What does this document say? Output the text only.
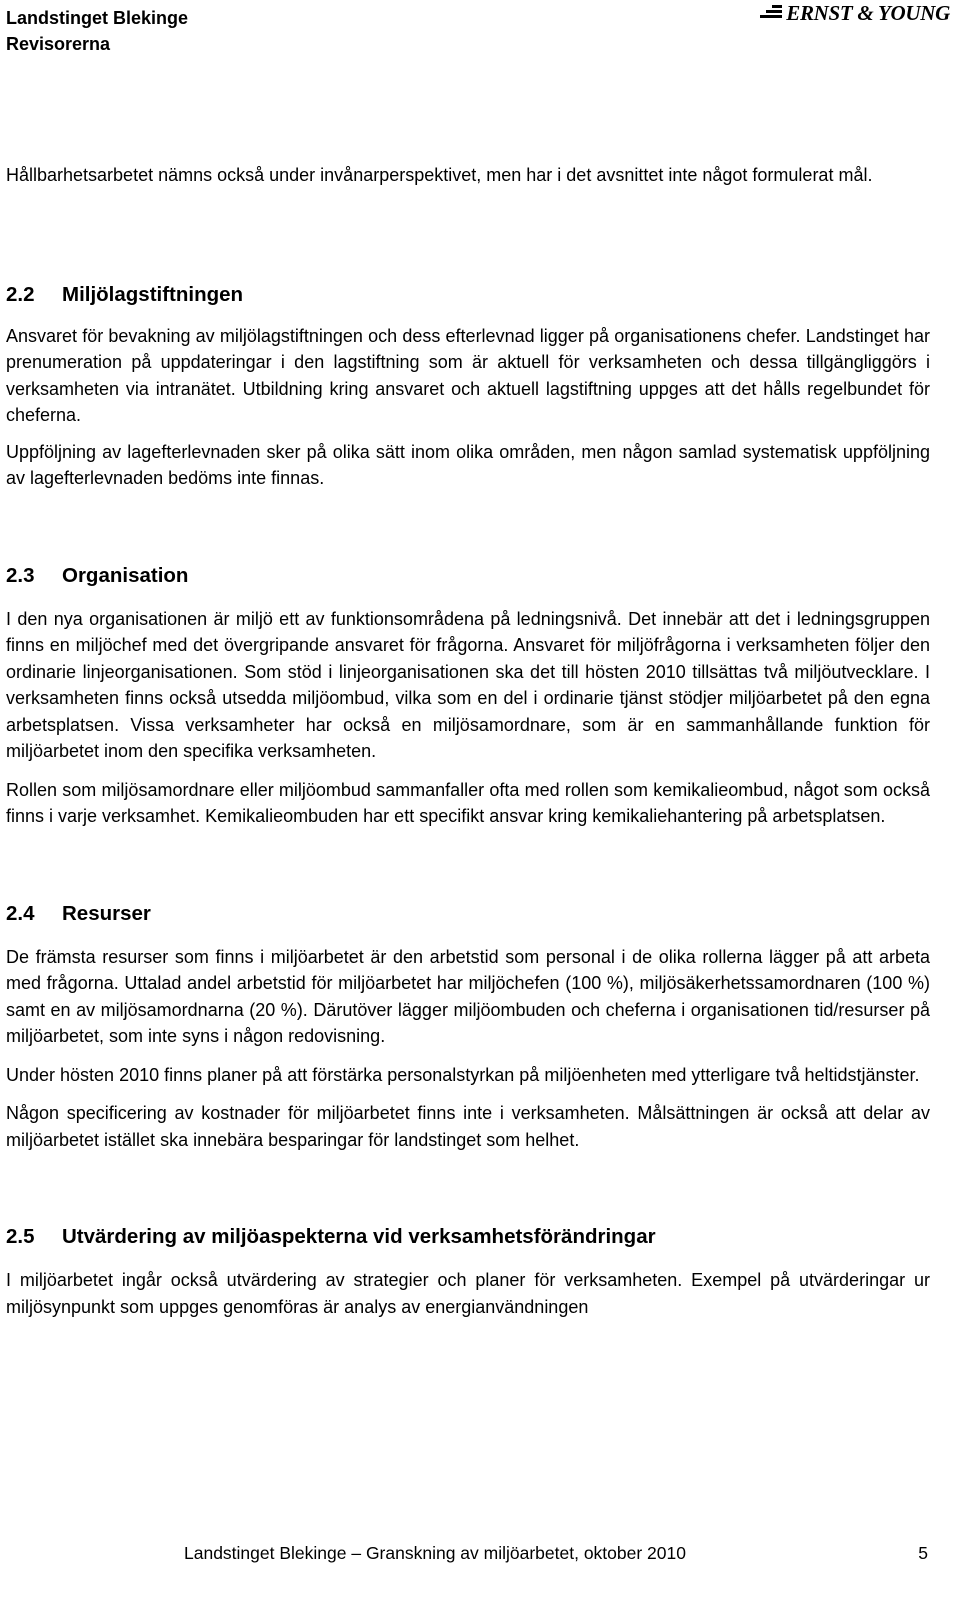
Landstinget Blekinge
Revisorerna
ERNST & YOUNG

Hållbarhetsarbetet nämns också under invånarperspektivet, men har i det avsnittet inte något formulerat mål.

2.2 Miljölagstiftningen

Ansvaret för bevakning av miljölagstiftningen och dess efterlevnad ligger på organisationens chefer. Landstinget har prenumeration på uppdateringar i den lagstiftning som är aktuell för verksamheten och dessa tillgängliggörs i verksamheten via intranätet. Utbildning kring ansvaret och aktuell lagstiftning uppges att det hålls regelbundet för cheferna.

Uppföljning av lagefterlevnaden sker på olika sätt inom olika områden, men någon samlad systematisk uppföljning av lagefterlevnaden bedöms inte finnas.

2.3 Organisation

I den nya organisationen är miljö ett av funktionsområdena på ledningsnivå. Det innebär att det i ledningsgruppen finns en miljöchef med det övergripande ansvaret för frågorna. Ansvaret för miljöfrågorna i verksamheten följer den ordinarie linjeorganisationen. Som stöd i linjeorganisationen ska det till hösten 2010 tillsättas två miljöutvecklare. I verksamheten finns också utsedda miljöombud, vilka som en del i ordinarie tjänst stödjer miljöarbetet på den egna arbetsplatsen. Vissa verksamheter har också en miljösamordnare, som är en sammanhållande funktion för miljöarbetet inom den specifika verksamheten.

Rollen som miljösamordnare eller miljöombud sammanfaller ofta med rollen som kemikalieombud, något som också finns i varje verksamhet. Kemikalieombuden har ett specifikt ansvar kring kemikaliehantering på arbetsplatsen.

2.4 Resurser

De främsta resurser som finns i miljöarbetet är den arbetstid som personal i de olika rollerna lägger på att arbeta med frågorna. Uttalad andel arbetstid för miljöarbetet har miljöchefen (100 %), miljösäkerhetssamordnaren (100 %) samt en av miljösamordnarna (20 %). Därutöver lägger miljöombuden och cheferna i organisationen tid/resurser på miljöarbetet, som inte syns i någon redovisning.

Under hösten 2010 finns planer på att förstärka personalstyrkan på miljöenheten med ytterligare två heltidstjänster.

Någon specificering av kostnader för miljöarbetet finns inte i verksamheten. Målsättningen är också att delar av miljöarbetet istället ska innebära besparingar för landstinget som helhet.

2.5 Utvärdering av miljöaspekterna vid verksamhetsförändringar

I miljöarbetet ingår också utvärdering av strategier och planer för verksamheten. Exempel på utvärderingar ur miljösynpunkt som uppges genomföras är analys av energianvändningen

Landstinget Blekinge – Granskning av miljöarbetet, oktober 2010	5
